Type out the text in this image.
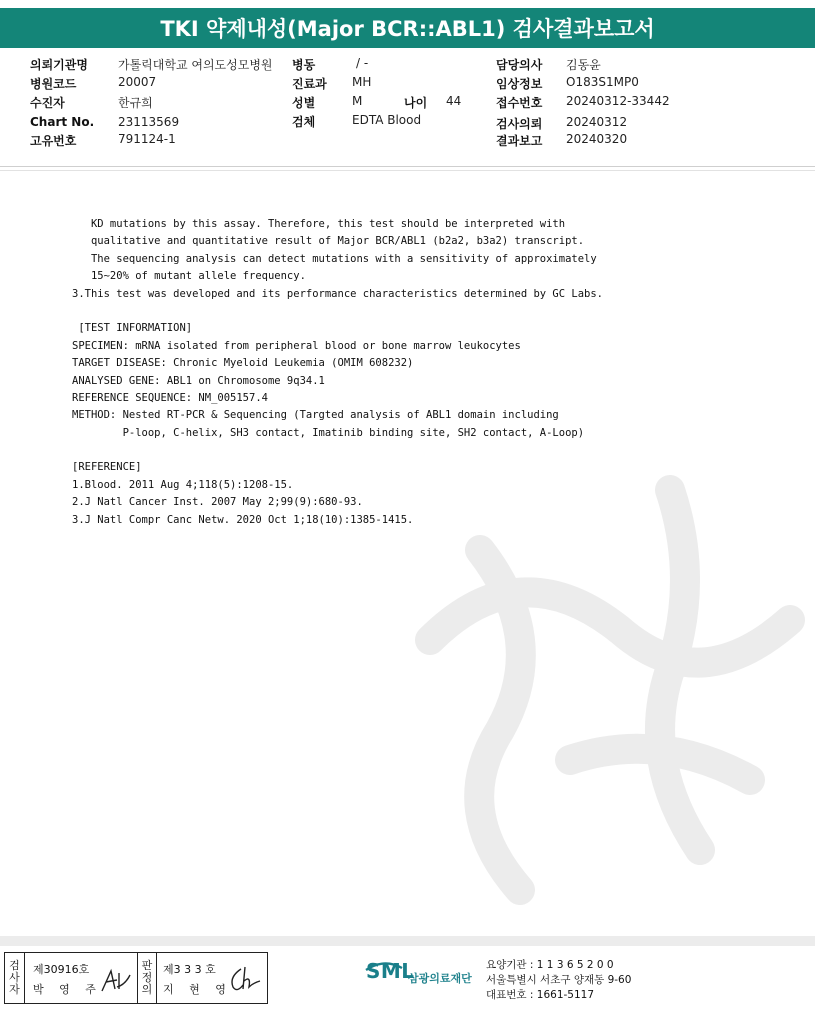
TKI 약제내성(Major BCR::ABL1) 검사결과보고서
의뢰기관명	가톨릭대학교 여의도성모병원
병원코드	20007
수진자	한규희
Chart No. 23113569
고유번호	791124-1
병동	/ -
진료과 MH
성별	M	나이 44
검체	EDTA Blood
담당의사 김동윤
임상정보 O183S1MP0
접수번호 20240312-33442
검사의뢰 20240312
결과보고 20240320
KD mutations by this assay. Therefore, this test should be interpreted with
qualitative and quantitative result of Major BCR/ABL1 (b2a2, b3a2) transcript.
The sequencing analysis can detect mutations with a sensitivity of approximately
15~20% of mutant allele frequency.
3.This test was developed and its performance characteristics determined by GC Labs.
[TEST INFORMATION]
SPECIMEN: mRNA isolated from peripheral blood or bone marrow leukocytes
TARGET DISEASE: Chronic Myeloid Leukemia (OMIM 608232)
ANALYSED GENE: ABL1 on Chromosome 9q34.1
REFERENCE SEQUENCE: NM_005157.4
METHOD: Nested RT-PCR & Sequencing (Targted analysis of ABL1 domain including
P-loop, C-helix, SH3 contact, Imatinib binding site, SH2 contact, A-Loop)
[REFERENCE]
1.Blood. 2011 Aug 4;118(5):1208-15.
2.J Natl Cancer Inst. 2007 May 2;99(9):680-93.
3.J Natl Compr Canc Netw. 2020 Oct 1;18(10):1385-1415.
검
사
자
제30916호
박 영 주
판
정
의
제3 3 3 호
지 현 영
SML
삼광의료재단
요양기관 : 1 1 3 6 5 2 0 0
서울특별시 서초구 양재동 9-60
대표번호 : 1661-5117
